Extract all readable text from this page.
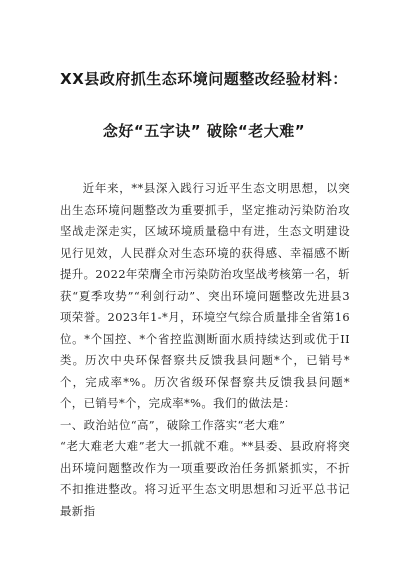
XX县政府抓生态环境问题整改经验材料：
念好“五字诀” 破除“老大难”

近年来，**县深入践行习近平生态文明思想，以突出生态环境问题整改为重要抓手，坚定推动污染防治攻坚战走深走实，区域环境质量稳中有进，生态文明建设见行见效，人民群众对生态环境的获得感、幸福感不断提升。2022年荣膺全市污染防治攻坚战考核第一名，斩获“夏季攻势”“利剑行动”、突出环境问题整改先进县3项荣誉。2023年1-*月，环境空气综合质量排全省第16位。*个国控、*个省控监测断面水质持续达到或优于II类。历次中央环保督察共反馈我县问题*个，已销号*个，完成率*%。历次省级环保督察共反馈我县问题*个，已销号*个，完成率*%。我们的做法是：

一、政治站位“高”，破除工作落实“老大难”

“老大难老大难”老大一抓就不难。**县委、县政府将突出环境问题整改作为一项重要政治任务抓紧抓实，不折不扣推进整改。将习近平生态文明思想和习近平总书记最新指
